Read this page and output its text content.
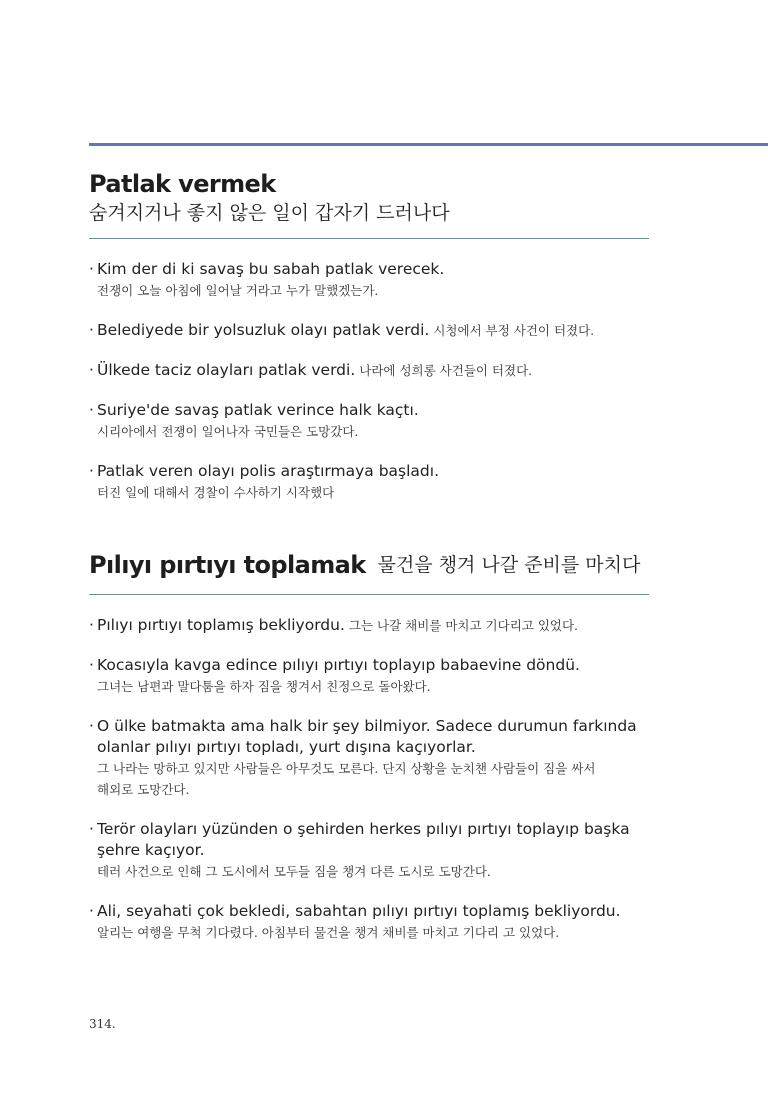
Patlak vermek
숨겨지거나 좋지 않은 일이 갑자기 드러나다
· Kim der di ki savaş bu sabah patlak verecek.
전쟁이 오늘 아침에 일어날 거라고 누가 말했겠는가.
· Belediyede bir yolsuzluk olayı patlak verdi. 시청에서 부정 사건이 터졌다.
· Ülkede taciz olayları patlak verdi. 나라에 성희롱 사건들이 터졌다.
· Suriye'de savaş patlak verince halk kaçtı.
시리아에서 전쟁이 일어나자 국민들은 도망갔다.
· Patlak veren olayı polis araştırmaya başladı.
터진 일에 대해서 경찰이 수사하기 시작했다
Pılıyı pırtıyı toplamak 물건을 챙겨 나갈 준비를 마치다
· Pılıyı pırtıyı toplamış bekliyordu. 그는 나갈 채비를 마치고 기다리고 있었다.
· Kocasıyla kavga edince pılıyı pırtıyı toplayıp babaevine döndü.
그녀는 남편과 말다툼을 하자 짐을 챙겨서 친정으로 돌아왔다.
· O ülke batmakta ama halk bir şey bilmiyor. Sadece durumun farkında
olanlar pılıyı pırtıyı topladı, yurt dışına kaçıyorlar.
그 나라는 망하고 있지만 사람들은 아무것도 모른다. 단지 상황을 눈치챈 사람들이 짐을 싸서
해외로 도망간다.
· Terör olayları yüzünden o şehirden herkes pılıyı pırtıyı toplayıp başka
şehre kaçıyor.
테러 사건으로 인해 그 도시에서 모두들 짐을 챙겨 다른 도시로 도망간다.
· Ali, seyahati çok bekledi, sabahtan pılıyı pırtıyı toplamış bekliyordu.
알리는 여행을 무척 기다렸다. 아침부터 물건을 챙겨 채비를 마치고 기다리 고 있었다.
314.
